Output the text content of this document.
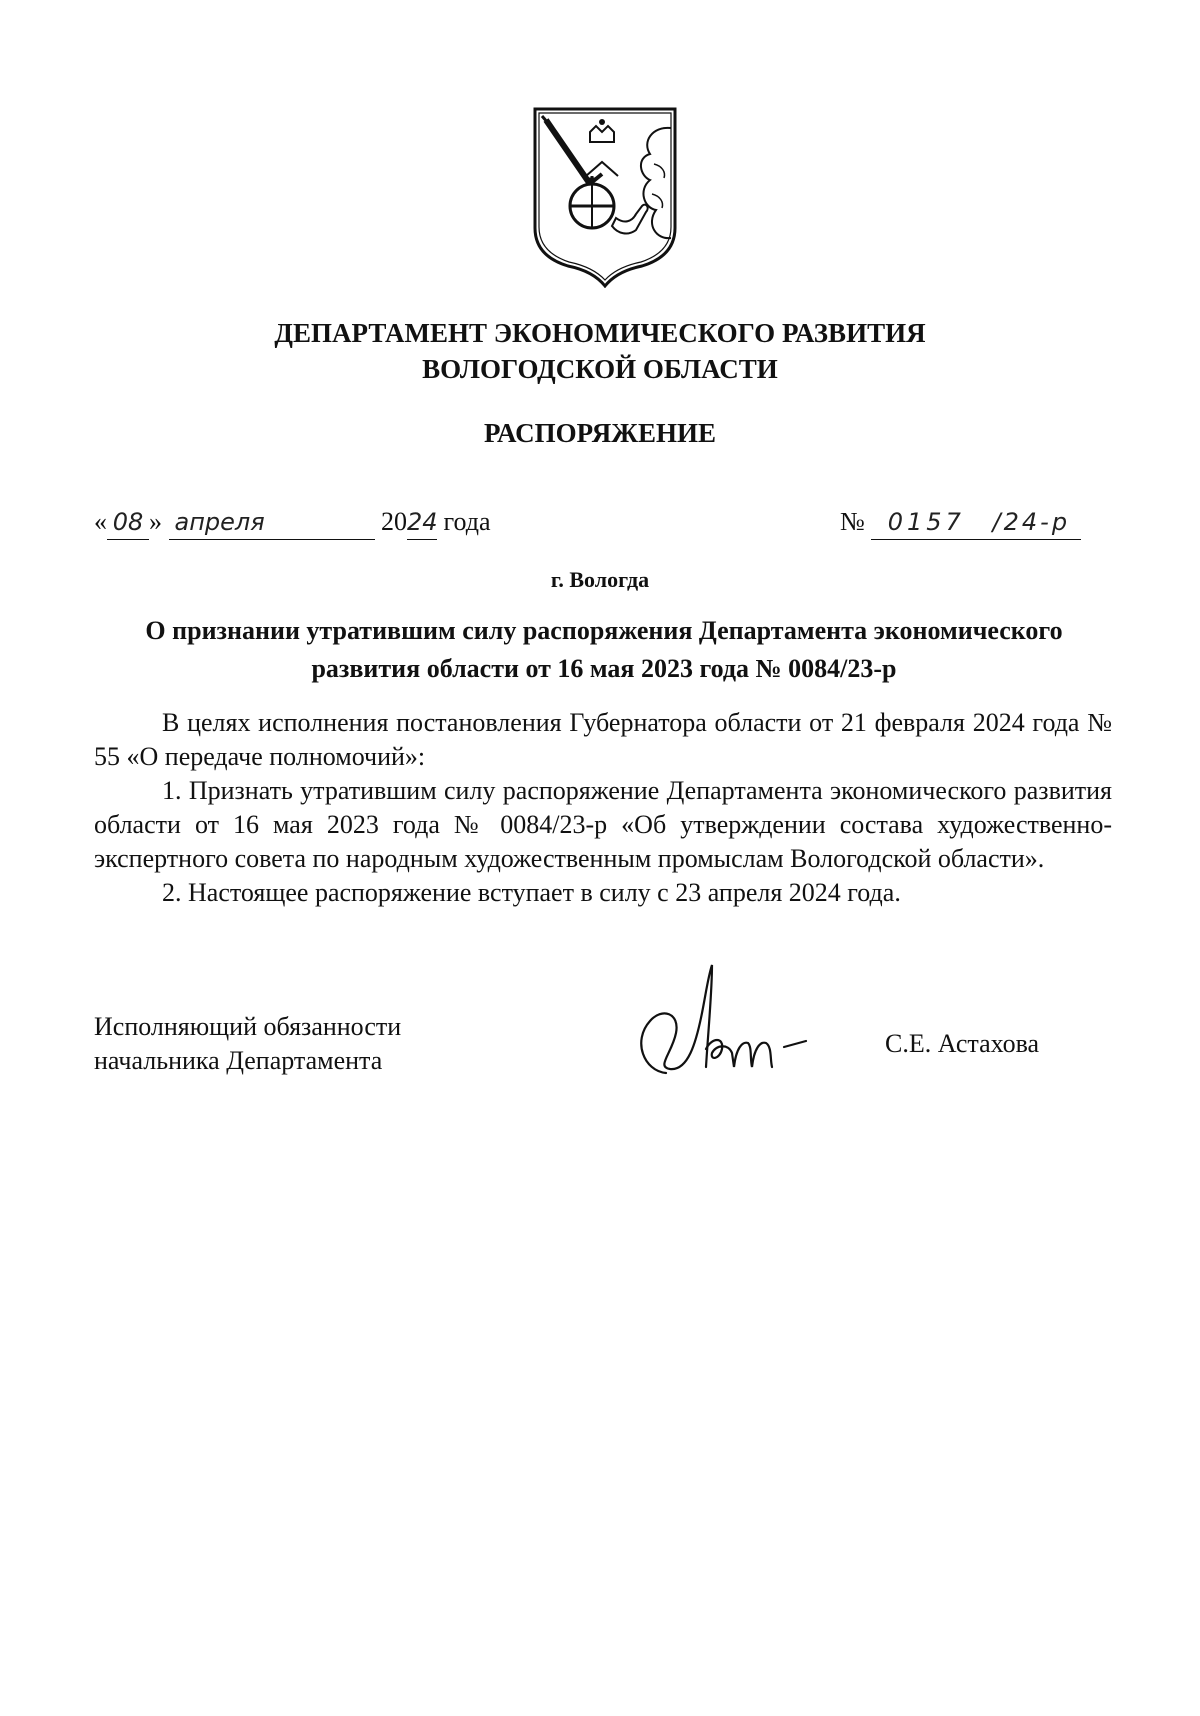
ДЕПАРТАМЕНТ ЭКОНОМИЧЕСКОГО РАЗВИТИЯ
ВОЛОГОДСКОЙ ОБЛАСТИ
РАСПОРЯЖЕНИЕ
« 08 » апреля	2024 года	№ 0157 /24-р
г. Вологда
О признании утратившим силу распоряжения Департамента экономического
развития области от 16 мая 2023 года № 0084/23-р

В целях исполнения постановления Губернатора области от 21 февраля 2024 года № 55 «О передаче полномочий»:

1. Признать утратившим силу распоряжение Департамента экономического развития области от 16 мая 2023 года № 0084/23-р «Об утверждении состава художественно-экспертного совета по народным художественным промыслам Вологодской области».

2. Настоящее распоряжение вступает в силу с 23 апреля 2024 года.

Исполняющий обязанности
начальника Департамента
С.Е. Астахова
